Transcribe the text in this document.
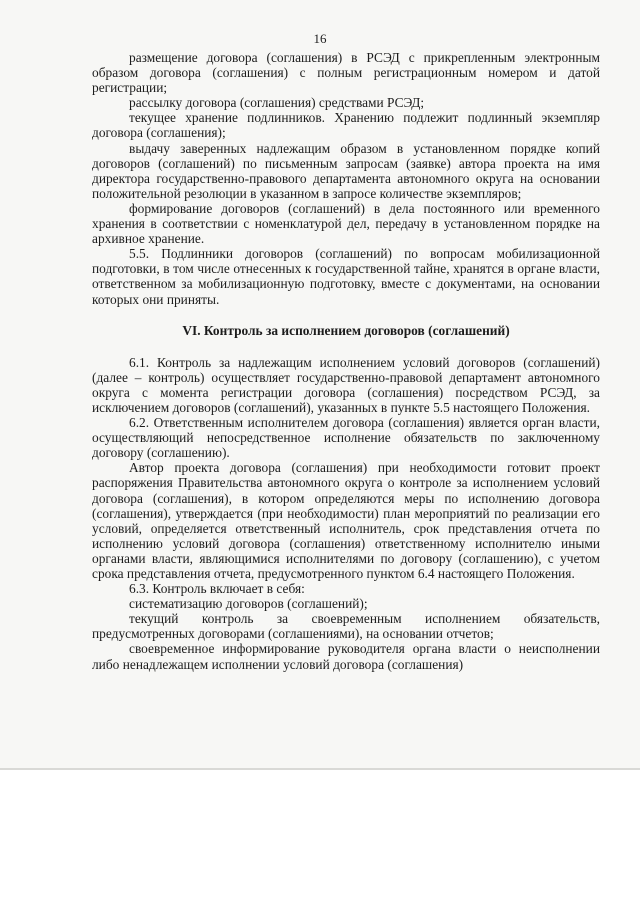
16

размещение договора (соглашения) в РСЭД с прикрепленным электронным образом договора (соглашения) с полным регистрационным номером и датой регистрации;

рассылку договора (соглашения) средствами РСЭД;

текущее хранение подлинников. Хранению подлежит подлинный экземпляр договора (соглашения);

выдачу заверенных надлежащим образом в установленном порядке копий договоров (соглашений) по письменным запросам (заявке) автора проекта на имя директора государственно-правового департамента автономного округа на основании положительной резолюции в указанном в запросе количестве экземпляров;

формирование договоров (соглашений) в дела постоянного или временного хранения в соответствии с номенклатурой дел, передачу в установленном порядке на архивное хранение.

5.5. Подлинники договоров (соглашений) по вопросам мобилизационной подготовки, в том числе отнесенных к государственной тайне, хранятся в органе власти, ответственном за мобилизационную подготовку, вместе с документами, на основании которых они приняты.

VI. Контроль за исполнением договоров (соглашений)

6.1. Контроль за надлежащим исполнением условий договоров (соглашений) (далее – контроль) осуществляет государственно-правовой департамент автономного округа с момента регистрации договора (соглашения) посредством РСЭД, за исключением договоров (соглашений), указанных в пункте 5.5 настоящего Положения.

6.2. Ответственным исполнителем договора (соглашения) является орган власти, осуществляющий непосредственное исполнение обязательств по заключенному договору (соглашению).

Автор проекта договора (соглашения) при необходимости готовит проект распоряжения Правительства автономного округа о контроле за исполнением условий договора (соглашения), в котором определяются меры по исполнению договора (соглашения), утверждается (при необходимости) план мероприятий по реализации его условий, определяется ответственный исполнитель, срок представления отчета по исполнению условий договора (соглашения) ответственному исполнителю иными органами власти, являющимися исполнителями по договору (соглашению), с учетом срока представления отчета, предусмотренного пунктом 6.4 настоящего Положения.

6.3. Контроль включает в себя:

систематизацию договоров (соглашений);

текущий контроль за своевременным исполнением обязательств, предусмотренных договорами (соглашениями), на основании отчетов;

своевременное информирование руководителя органа власти о неисполнении либо ненадлежащем исполнении условий договора (соглашения)
